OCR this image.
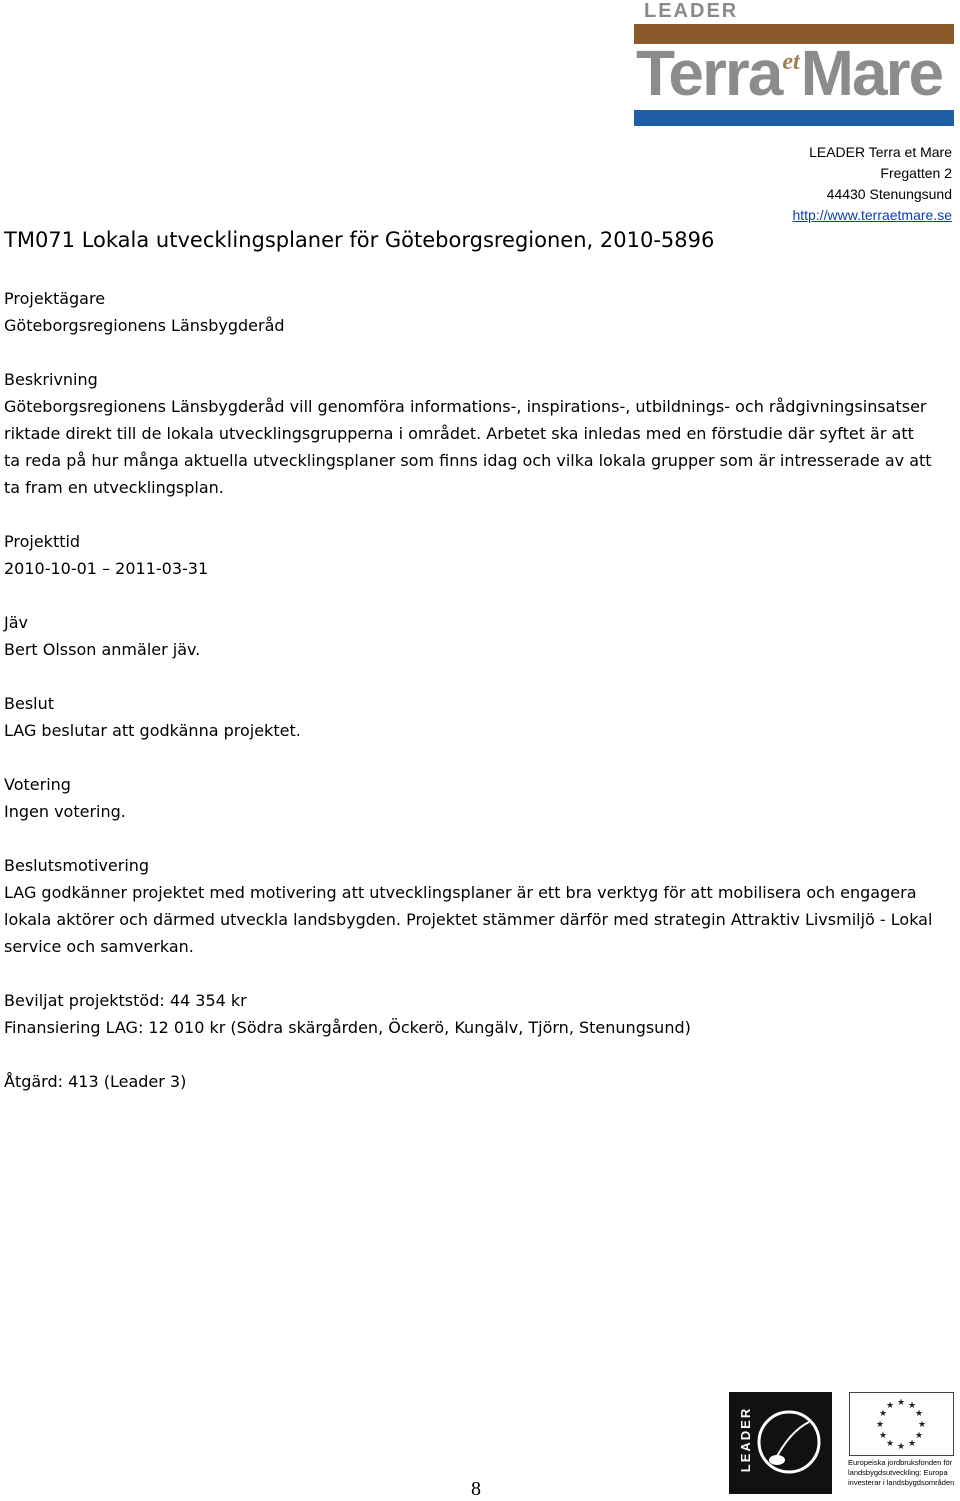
LEADER
Terra$^{et}$Mare
LEADER Terra et Mare
Fregatten 2
44430 Stenungsund
http://www.terraetmare.se
TM071 Lokala utvecklingsplaner för Göteborgsregionen, 2010-5896
Projektägare
Göteborgsregionens Länsbygderåd
Beskrivning
Göteborgsregionens Länsbygderåd vill genomföra informations-, inspirations-, utbildnings- och rådgivningsinsatser riktade direkt till de lokala utvecklingsgrupperna i området. Arbetet ska inledas med en förstudie där syftet är att ta reda på hur många aktuella utvecklingsplaner som finns idag och vilka lokala grupper som är intresserade av att ta fram en utvecklingsplan.
Projekttid
2010-10-01 – 2011-03-31
Jäv
Bert Olsson anmäler jäv.
Beslut
LAG beslutar att godkänna projektet.
Votering
Ingen votering.
Beslutsmotivering
LAG godkänner projektet med motivering att utvecklingsplaner är ett bra verktyg för att mobilisera och engagera lokala aktörer och därmed utveckla landsbygden. Projektet stämmer därför med strategin Attraktiv Livsmiljö - Lokal service och samverkan.
Beviljat projektstöd: 44 354 kr
Finansiering LAG: 12 010 kr (Södra skärgården, Öckerö, Kungälv, Tjörn, Stenungsund)
Åtgärd: 413 (Leader 3)
8
LEADER
★ ★
★
★
★
★
★
★
★
★
★
★
Europeiska jordbruksfonden för landsbygdsutveckling: Europa investerar i landsbygdsområden
